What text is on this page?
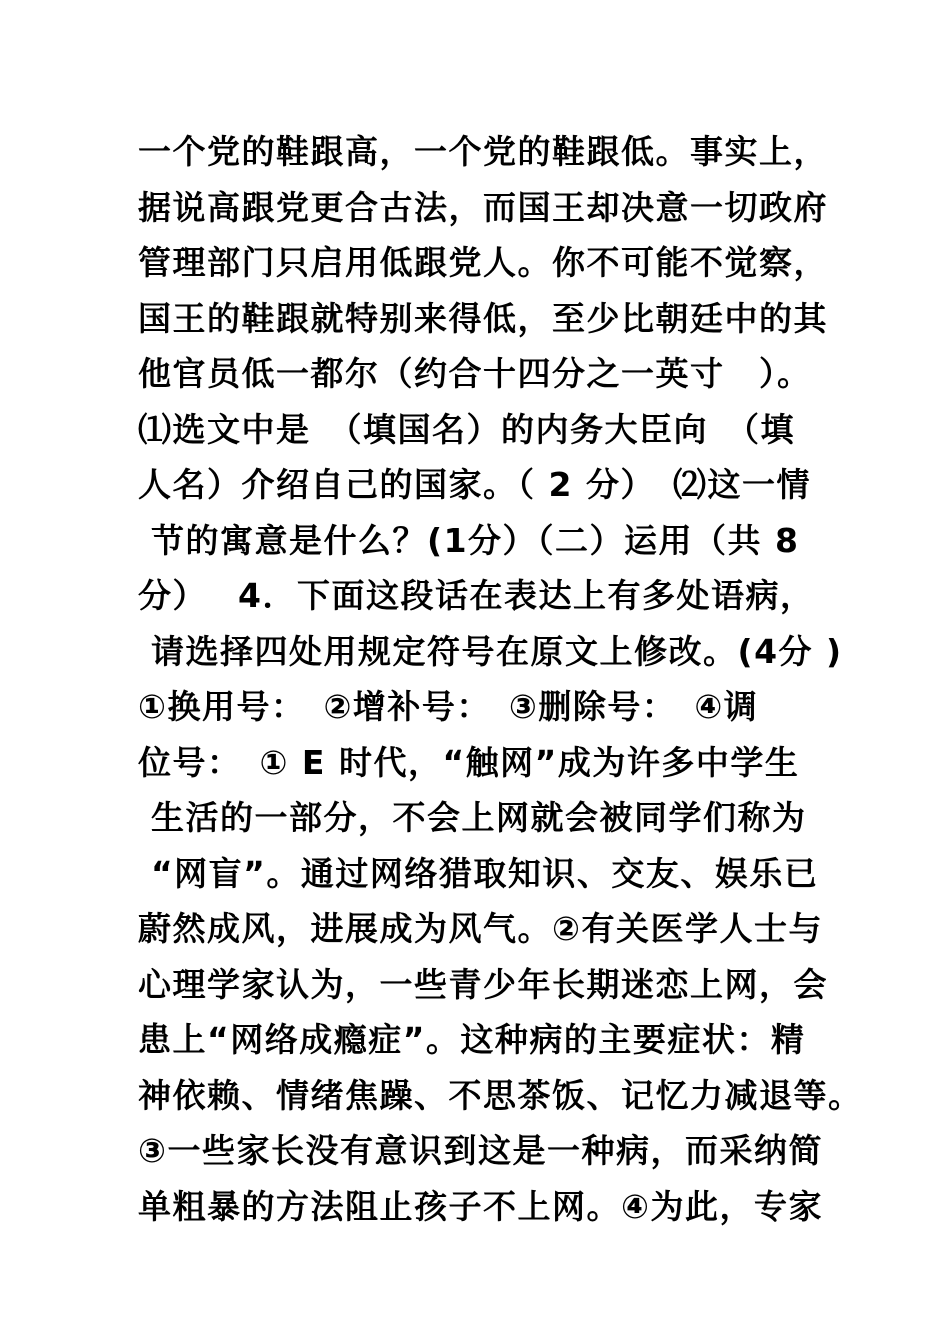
一个党的鞋跟高，一个党的鞋跟低。事实上，
据说高跟党更合古法，而国王却决意一切政府
管理部门只启用低跟党人。你不可能不觉察，
国王的鞋跟就特别来得低，至少比朝廷中的其
他官员低一都尔（约合十四分之一英寸　）。
⑴选文中是　（填国名）的内务大臣向　（填
人名）介绍自己的国家。（ 2 分）　⑵这一情
节的寓意是什么？(1分）（二）运用（共 8
分）　 4．下面这段话在表达上有多处语病，
请选择四处用规定符号在原文上修改。(4分 )
①换用号：　②增补号：　③删除号：　④调
位号：　① E 时代，“触网”成为许多中学生
生活的一部分，不会上网就会被同学们称为
“网盲”。通过网络猎取知识、交友、娱乐已
蔚然成风，进展成为风气。②有关医学人士与
心理学家认为，一些青少年长期迷恋上网，会
患上“网络成瘾症”。这种病的主要症状：精
神依赖、情绪焦躁、不思茶饭、记忆力减退等。
③一些家长没有意识到这是一种病，而采纳简
单粗暴的方法阻止孩子不上网。④为此，专家
